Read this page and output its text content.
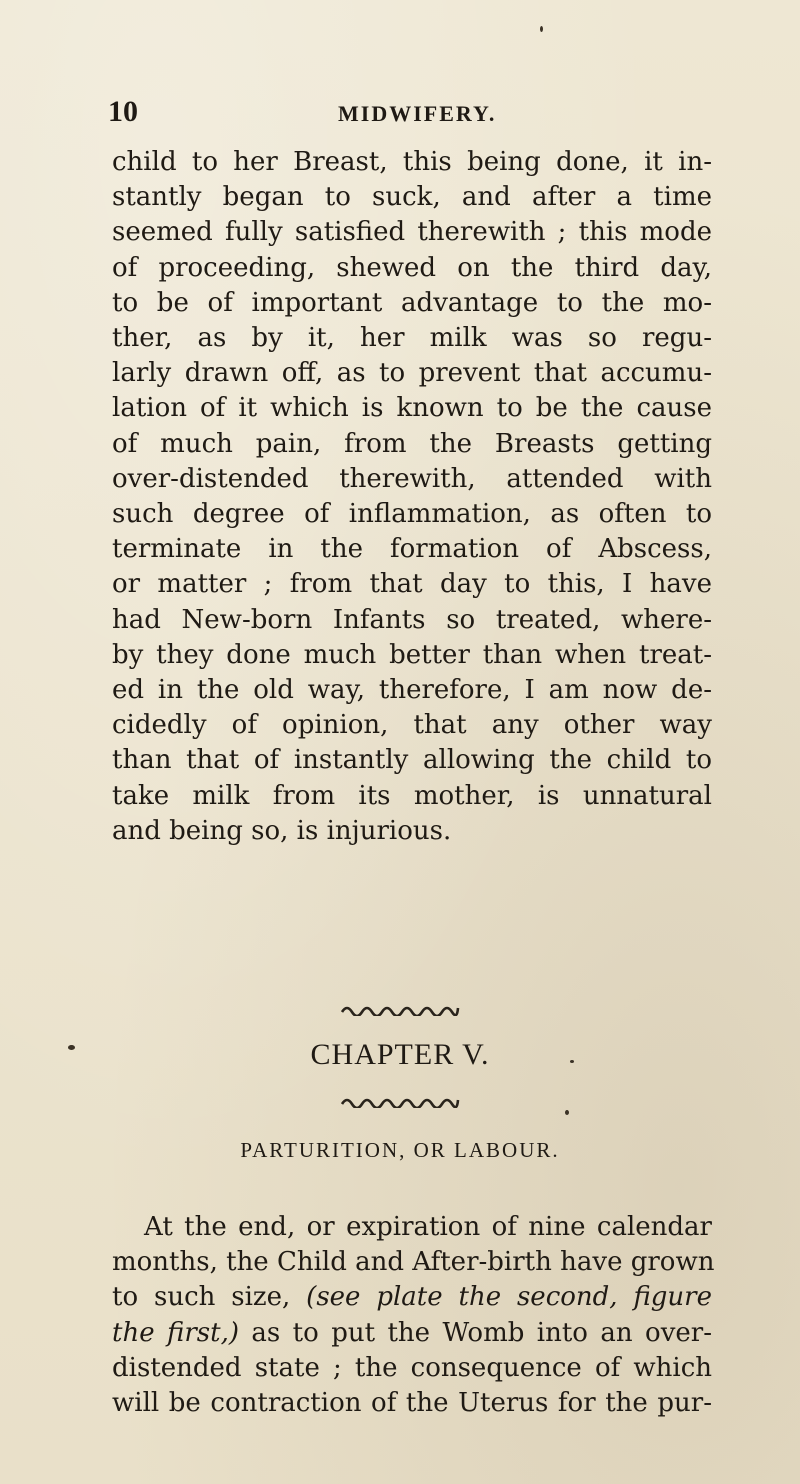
10	MIDWIFERY.
child to her Breast, this being done, it in-
stantly began to suck, and after a time
seemed fully satisfied therewith ; this mode
of proceeding, shewed on the third day,
to be of important advantage to the mo-
ther, as by it, her milk was so regu-
larly drawn off, as to prevent that accumu-
lation of it which is known to be the cause
of much pain, from the Breasts getting
over-distended therewith, attended with
such degree of inflammation, as often to
terminate in the formation of Abscess,
or matter ; from that day to this, I have
had New-born Infants so treated, where-
by they done much better than when treat-
ed in the old way, therefore, I am now de-
cidedly of opinion, that any other way
than that of instantly allowing the child to
take milk from its mother, is unnatural
and being so, is injurious.
CHAPTER V.
PARTURITION, OR LABOUR.
At the end, or expiration of nine calendar
months, the Child and After-birth have grown
to such size, (see plate the second, figure
the first,) as to put the Womb into an over-
distended state ; the consequence of which
will be contraction of the Uterus for the pur-
